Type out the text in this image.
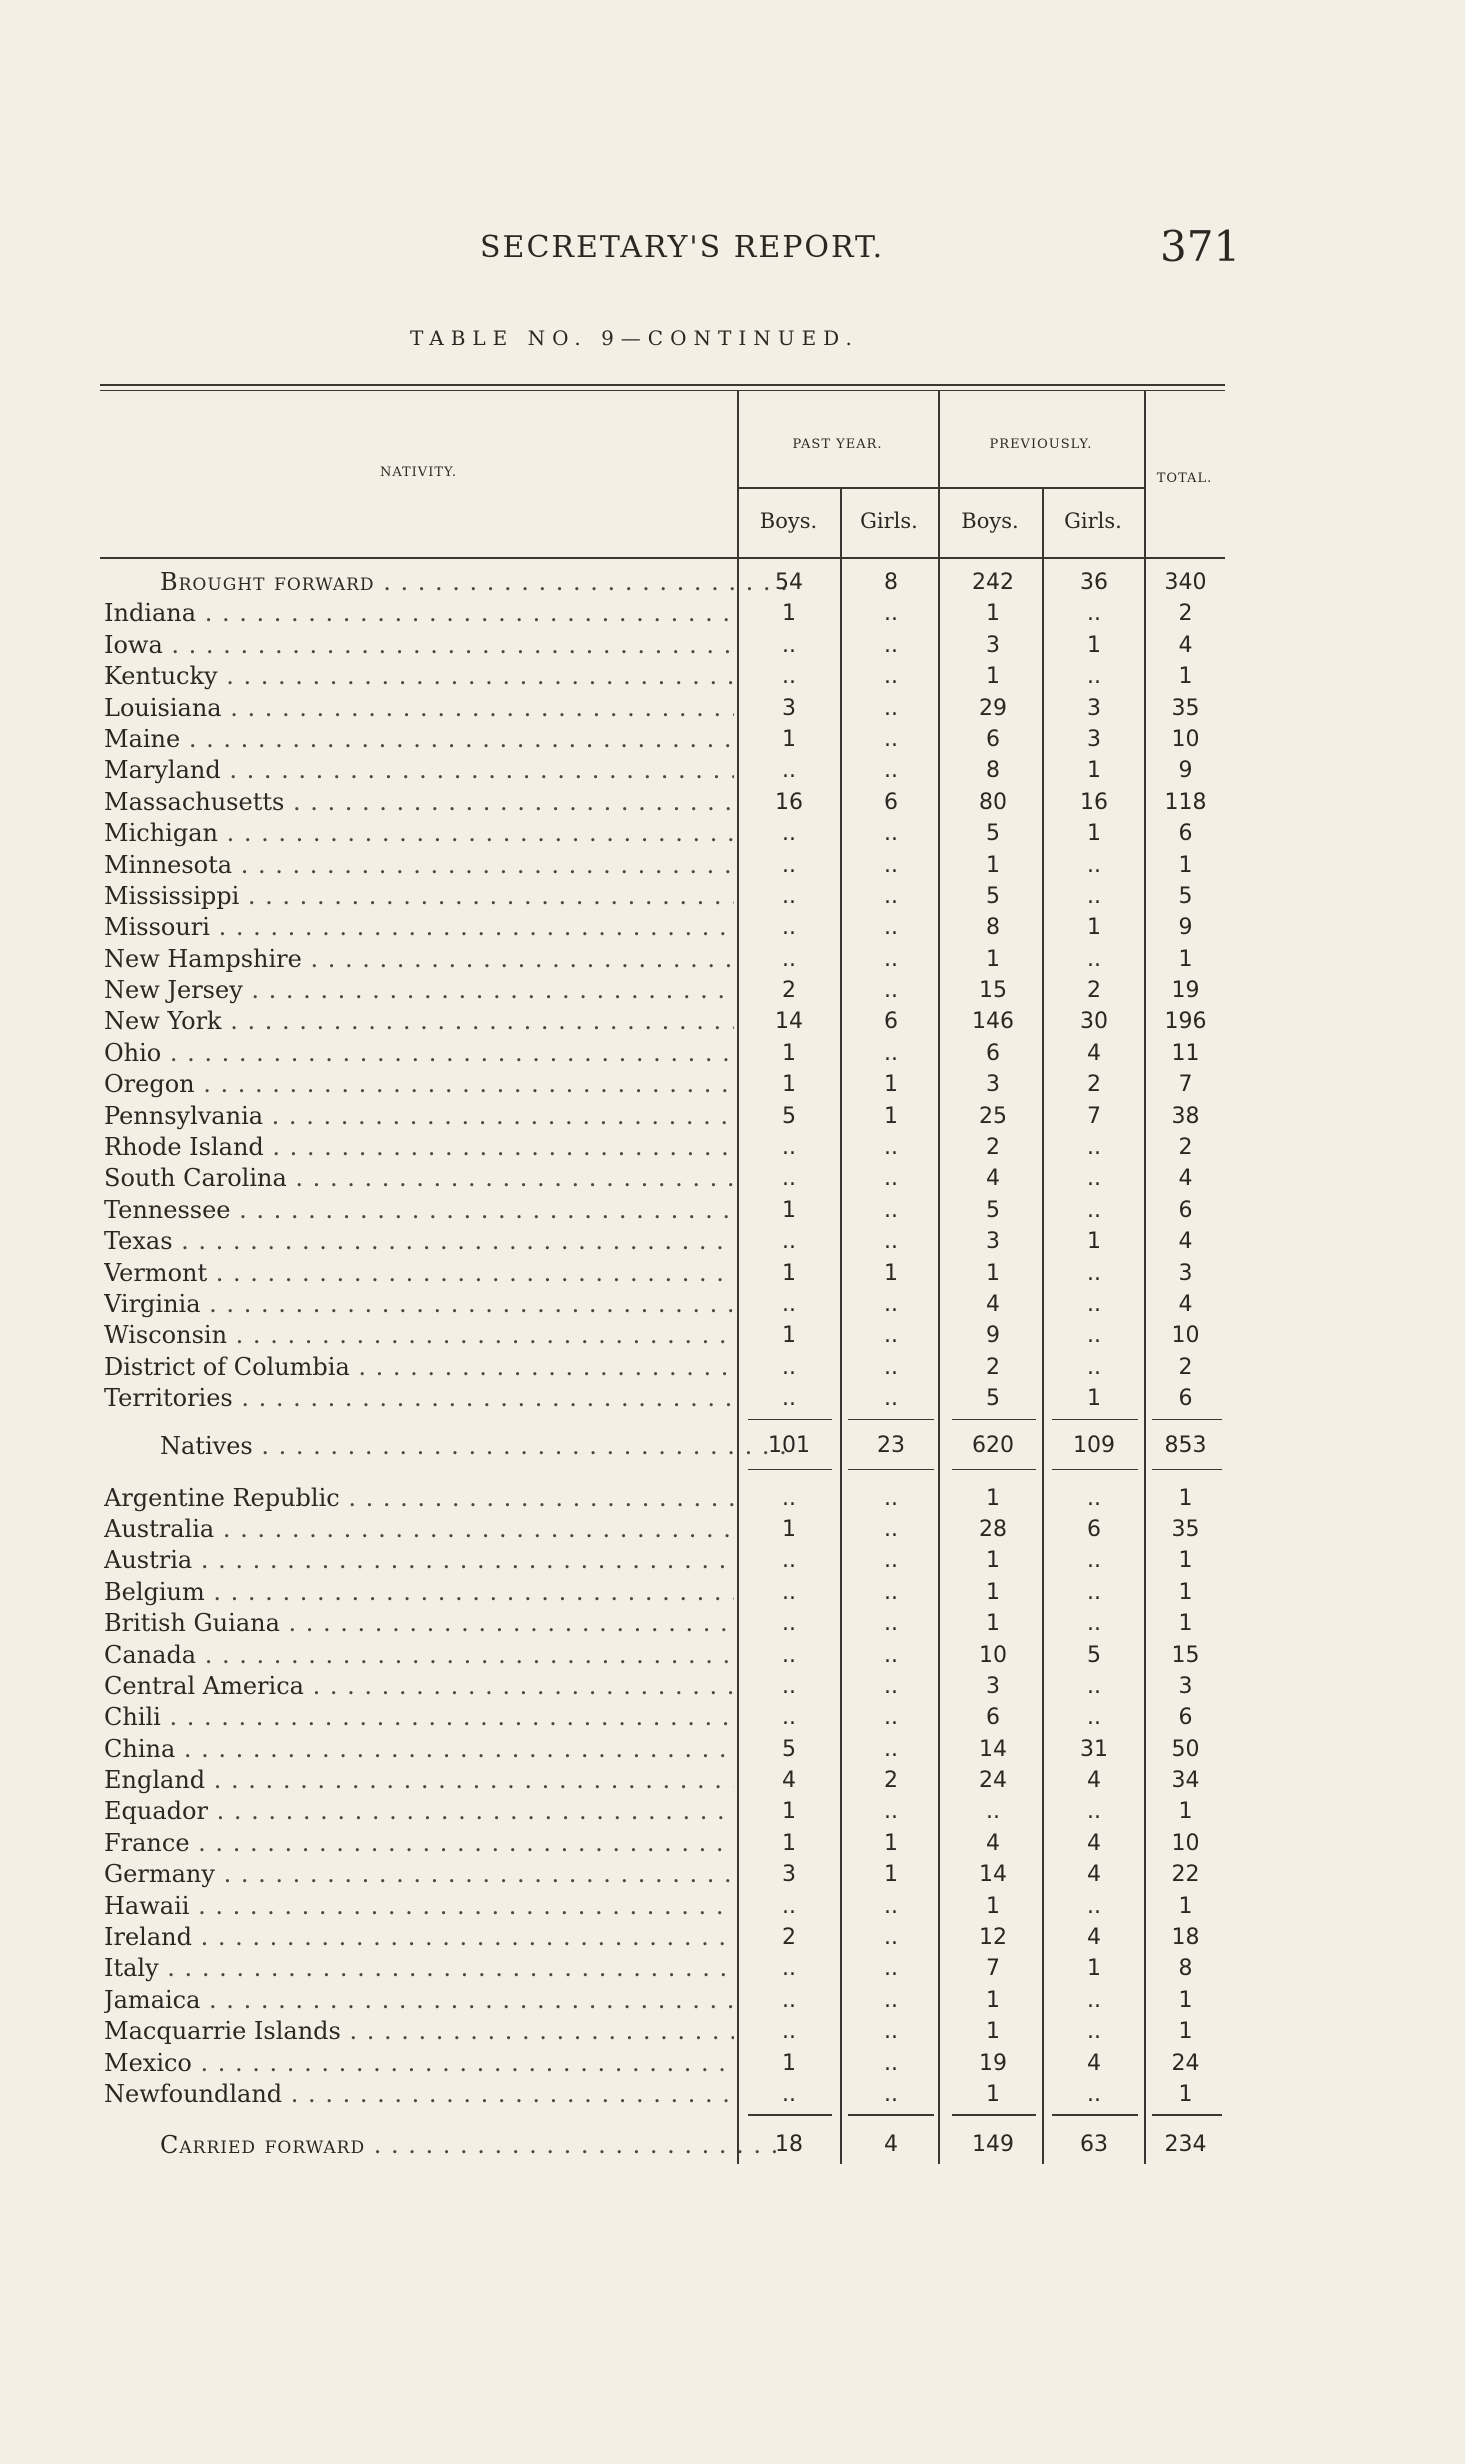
SECRETARY'S REPORT.	371
TABLE NO. 9—CONTINUED.
NATIVITY.
PAST YEAR.	PREVIOUSLY.
TOTAL.
Boys.	Girls.	Boys.	Girls.
Brought forward . . .	54	8	242	36	340
Indiana . . .	1	..	1	..	2
Iowa . . .	..	..	3	1	4
Kentucky . . .	..	..	1	..	1
Louisiana . . .	3	..	29	3	35
Maine . . .	1	..	6	3	10
Maryland . . .	..	..	8	1	9
Massachusetts . . .	16	6	80	16	118
Michigan . . .	..	..	5	1	6
Minnesota . . .	..	..	1	..	1
Mississippi . . .	..	..	5	..	5
Missouri . . .	..	..	8	1	9
New Hampshire . . .	..	..	1	..	1
New Jersey . . .	2	..	15	2	19
New York . . .	14	6	146	30	196
Ohio . . .	1	..	6	4	11
Oregon . . .	1	1	3	2	7
Pennsylvania . . .	5	1	25	7	38
Rhode Island . . .	..	..	2	..	2
South Carolina . . .	..	..	4	..	4
Tennessee . . .	1	..	5	..	6
Texas . . .	..	..	3	1	4
Vermont . . .	1	1	1	..	3
Virginia . . .	..	..	4	..	4
Wisconsin . . .	1	..	9	..	10
District of Columbia . . .	..	..	2	..	2
Territories . . .	..	..	5	1	6
Natives . . .	101	23	620	109	853
Argentine Republic . . .	..	..	1	..	1
Australia . . .	1	..	28	6	35
Austria . . .	..	..	1	..	1
Belgium . . .	..	..	1	..	1
British Guiana . . .	..	..	1	..	1
Canada . . .	..	..	10	5	15
Central America . . .	..	..	3	..	3
Chili . . .	..	..	6	..	6
China . . .	5	..	14	31	50
England . . .	4	2	24	4	34
Equador . . .	1	..	..	..	1
France . . .	1	1	4	4	10
Germany . . .	3	1	14	4	22
Hawaii . . .	..	..	1	..	1
Ireland . . .	2	..	12	4	18
Italy . . .	..	..	7	1	8
Jamaica . . .	..	..	1	..	1
Macquarrie Islands . . .	..	..	1	..	1
Mexico . . .	1	..	19	4	24
Newfoundland . . .	..	..	1	..	1
Carried forward . . .	18	4	149	63	234
